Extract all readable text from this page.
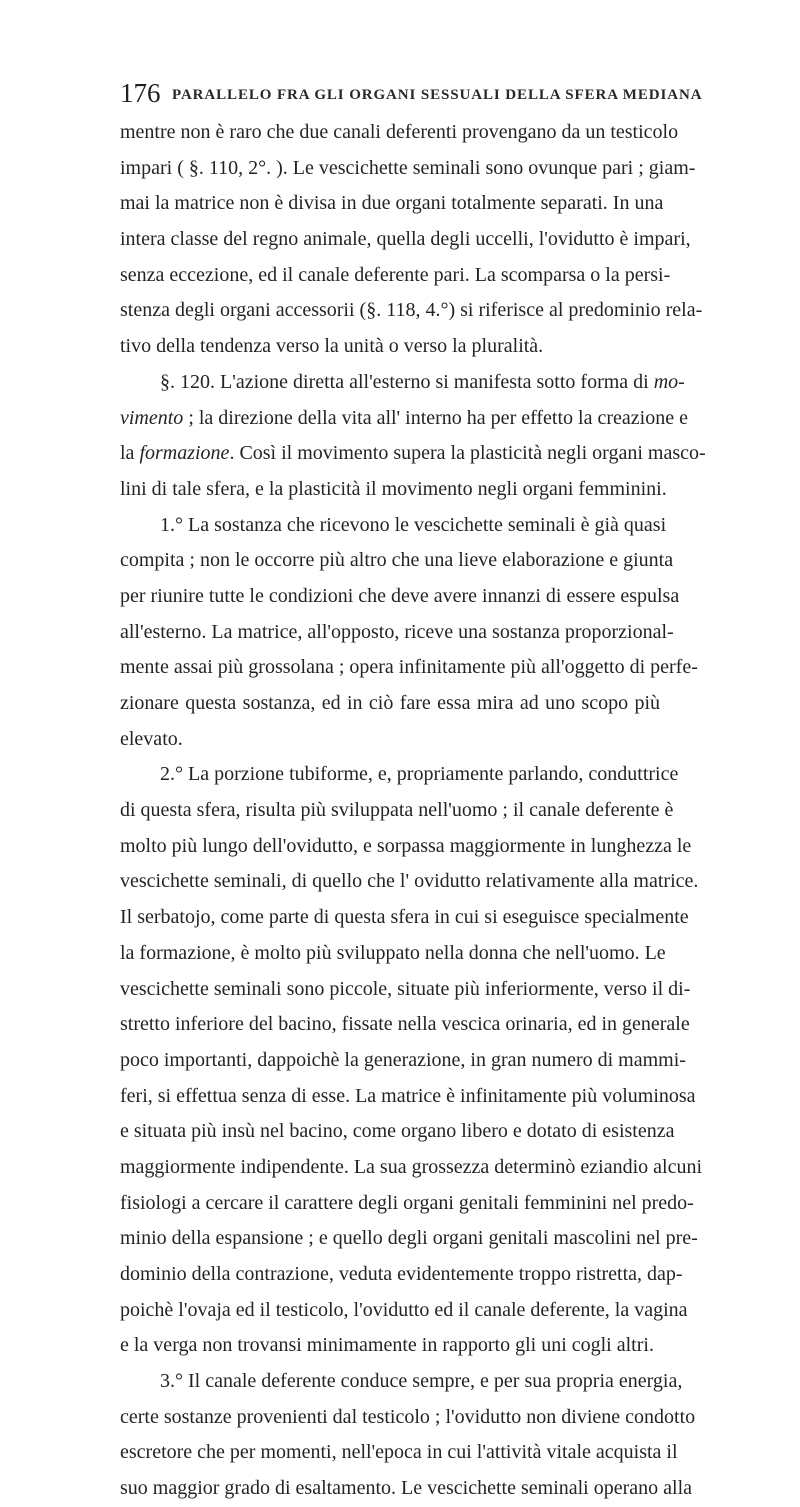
176 PARALLELO FRA GLI ORGANI SESSUALI DELLA SFERA MEDIANA
mentre non è raro che due canali deferenti provengano da un testicolo
impari ( §. 110, 2°. ). Le vescichette seminali sono ovunque pari ; giam-
mai la matrice non è divisa in due organi totalmente separati. In una
intera classe del regno animale, quella degli uccelli, l'ovidutto è impari,
senza eccezione, ed il canale deferente pari. La scomparsa o la persi-
stenza degli organi accessorii (§. 118, 4.°) si riferisce al predominio rela-
tivo della tendenza verso la unità o verso la pluralità.
§. 120. L'azione diretta all'esterno si manifesta sotto forma di mo-
vimento ; la direzione della vita all' interno ha per effetto la creazione e
la formazione. Così il movimento supera la plasticità negli organi masco-
lini di tale sfera, e la plasticità il movimento negli organi femminini.
1.° La sostanza che ricevono le vescichette seminali è già quasi
compita ; non le occorre più altro che una lieve elaborazione e giunta
per riunire tutte le condizioni che deve avere innanzi di essere espulsa
all'esterno. La matrice, all'opposto, riceve una sostanza proporzional-
mente assai più grossolana ; opera infinitamente più all'oggetto di perfe-
zionare questa sostanza, ed in ciò fare essa mira ad uno scopo più
elevato.
2.° La porzione tubiforme, e, propriamente parlando, conduttrice
di questa sfera, risulta più sviluppata nell'uomo ; il canale deferente è
molto più lungo dell'ovidutto, e sorpassa maggiormente in lunghezza le
vescichette seminali, di quello che l' ovidutto relativamente alla matrice.
Il serbatojo, come parte di questa sfera in cui si eseguisce specialmente
la formazione, è molto più sviluppato nella donna che nell'uomo. Le
vescichette seminali sono piccole, situate più inferiormente, verso il di-
stretto inferiore del bacino, fissate nella vescica orinaria, ed in generale
poco importanti, dappoichè la generazione, in gran numero di mammi-
feri, si effettua senza di esse. La matrice è infinitamente più voluminosa
e situata più insù nel bacino, come organo libero e dotato di esistenza
maggiormente indipendente. La sua grossezza determinò eziandio alcuni
fisiologi a cercare il carattere degli organi genitali femminini nel predo-
minio della espansione ; e quello degli organi genitali mascolini nel pre-
dominio della contrazione, veduta evidentemente troppo ristretta, dap-
poichè l'ovaja ed il testicolo, l'ovidutto ed il canale deferente, la vagina
e la verga non trovansi minimamente in rapporto gli uni cogli altri.
3.° Il canale deferente conduce sempre, e per sua propria energia,
certe sostanze provenienti dal testicolo ; l'ovidutto non diviene condotto
escretore che per momenti, nell'epoca in cui l'attività vitale acquista il
suo maggior grado di esaltamento. Le vescichette seminali operano alla
